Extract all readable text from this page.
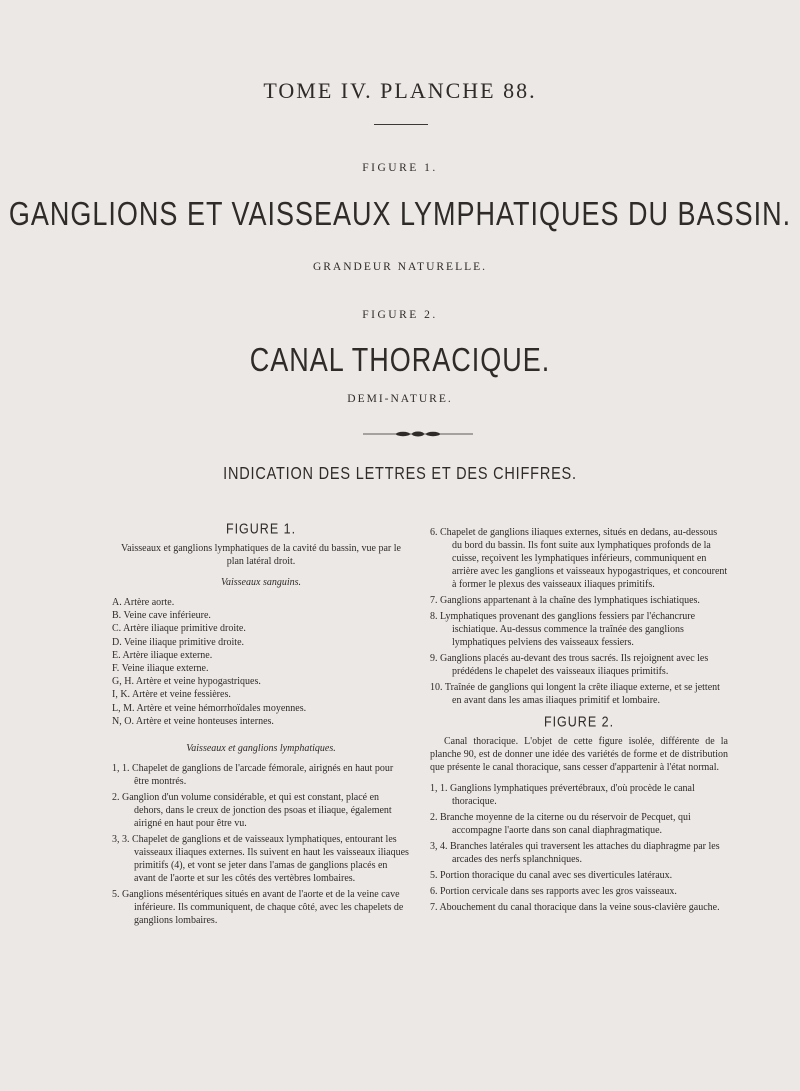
TOME IV. PLANCHE 88.
FIGURE 1.
GANGLIONS ET VAISSEAUX LYMPHATIQUES DU BASSIN.
GRANDEUR NATURELLE.
FIGURE 2.
CANAL THORACIQUE.
DEMI-NATURE.
INDICATION DES LETTRES ET DES CHIFFRES.
FIGURE 1.
Vaisseaux et ganglions lymphatiques de la cavité du bassin, vue par le plan latéral droit.
Vaisseaux sanguins.
A. Artère aorte.
B. Veine cave inférieure.
C. Artère iliaque primitive droite.
D. Veine iliaque primitive droite.
E. Artère iliaque externe.
F. Veine iliaque externe.
G, H. Artère et veine hypogastriques.
I, K. Artère et veine fessières.
L, M. Artère et veine hémorrhoïdales moyennes.
N, O. Artère et veine honteuses internes.
Vaisseaux et ganglions lymphatiques.
1, 1. Chapelet de ganglions de l'arcade fémorale, airignés en haut pour être montrés.
2. Ganglion d'un volume considérable, et qui est constant, placé en dehors, dans le creux de jonction des psoas et iliaque, également airigné en haut pour être vu.
3, 3. Chapelet de ganglions et de vaisseaux lymphatiques, entourant les vaisseaux iliaques externes. Ils suivent en haut les vaisseaux iliaques primitifs (4), et vont se jeter dans l'amas de ganglions placés en avant de l'aorte et sur les côtés des vertèbres lombaires.
5. Ganglions mésentériques situés en avant de l'aorte et de la veine cave inférieure. Ils communiquent, de chaque côté, avec les chapelets de ganglions lombaires.
6. Chapelet de ganglions iliaques externes, situés en dedans, au-dessous du bord du bassin. Ils font suite aux lymphatiques profonds de la cuisse, reçoivent les lymphatiques inférieurs, communiquent en arrière avec les ganglions et vaisseaux hypogastriques, et concourent à former le plexus des vaisseaux iliaques primitifs.
7. Ganglions appartenant à la chaîne des lymphatiques ischiatiques.
8. Lymphatiques provenant des ganglions fessiers par l'échancrure ischiatique. Au-dessus commence la traînée des ganglions lymphatiques pelviens des vaisseaux fessiers.
9. Ganglions placés au-devant des trous sacrés. Ils rejoignent avec les prédédens le chapelet des vaisseaux iliaques primitifs.
10. Traînée de ganglions qui longent la crête iliaque externe, et se jettent en avant dans les amas iliaques primitif et lombaire.
FIGURE 2.
Canal thoracique. L'objet de cette figure isolée, différente de la planche 90, est de donner une idée des variétés de forme et de distribution que présente le canal thoracique, sans cesser d'appartenir à l'état normal.
1, 1. Ganglions lymphatiques prévertébraux, d'où procède le canal thoracique.
2. Branche moyenne de la citerne ou du réservoir de Pecquet, qui accompagne l'aorte dans son canal diaphragmatique.
3, 4. Branches latérales qui traversent les attaches du diaphragme par les arcades des nerfs splanchniques.
5. Portion thoracique du canal avec ses diverticules latéraux.
6. Portion cervicale dans ses rapports avec les gros vaisseaux.
7. Abouchement du canal thoracique dans la veine sous-clavière gauche.
